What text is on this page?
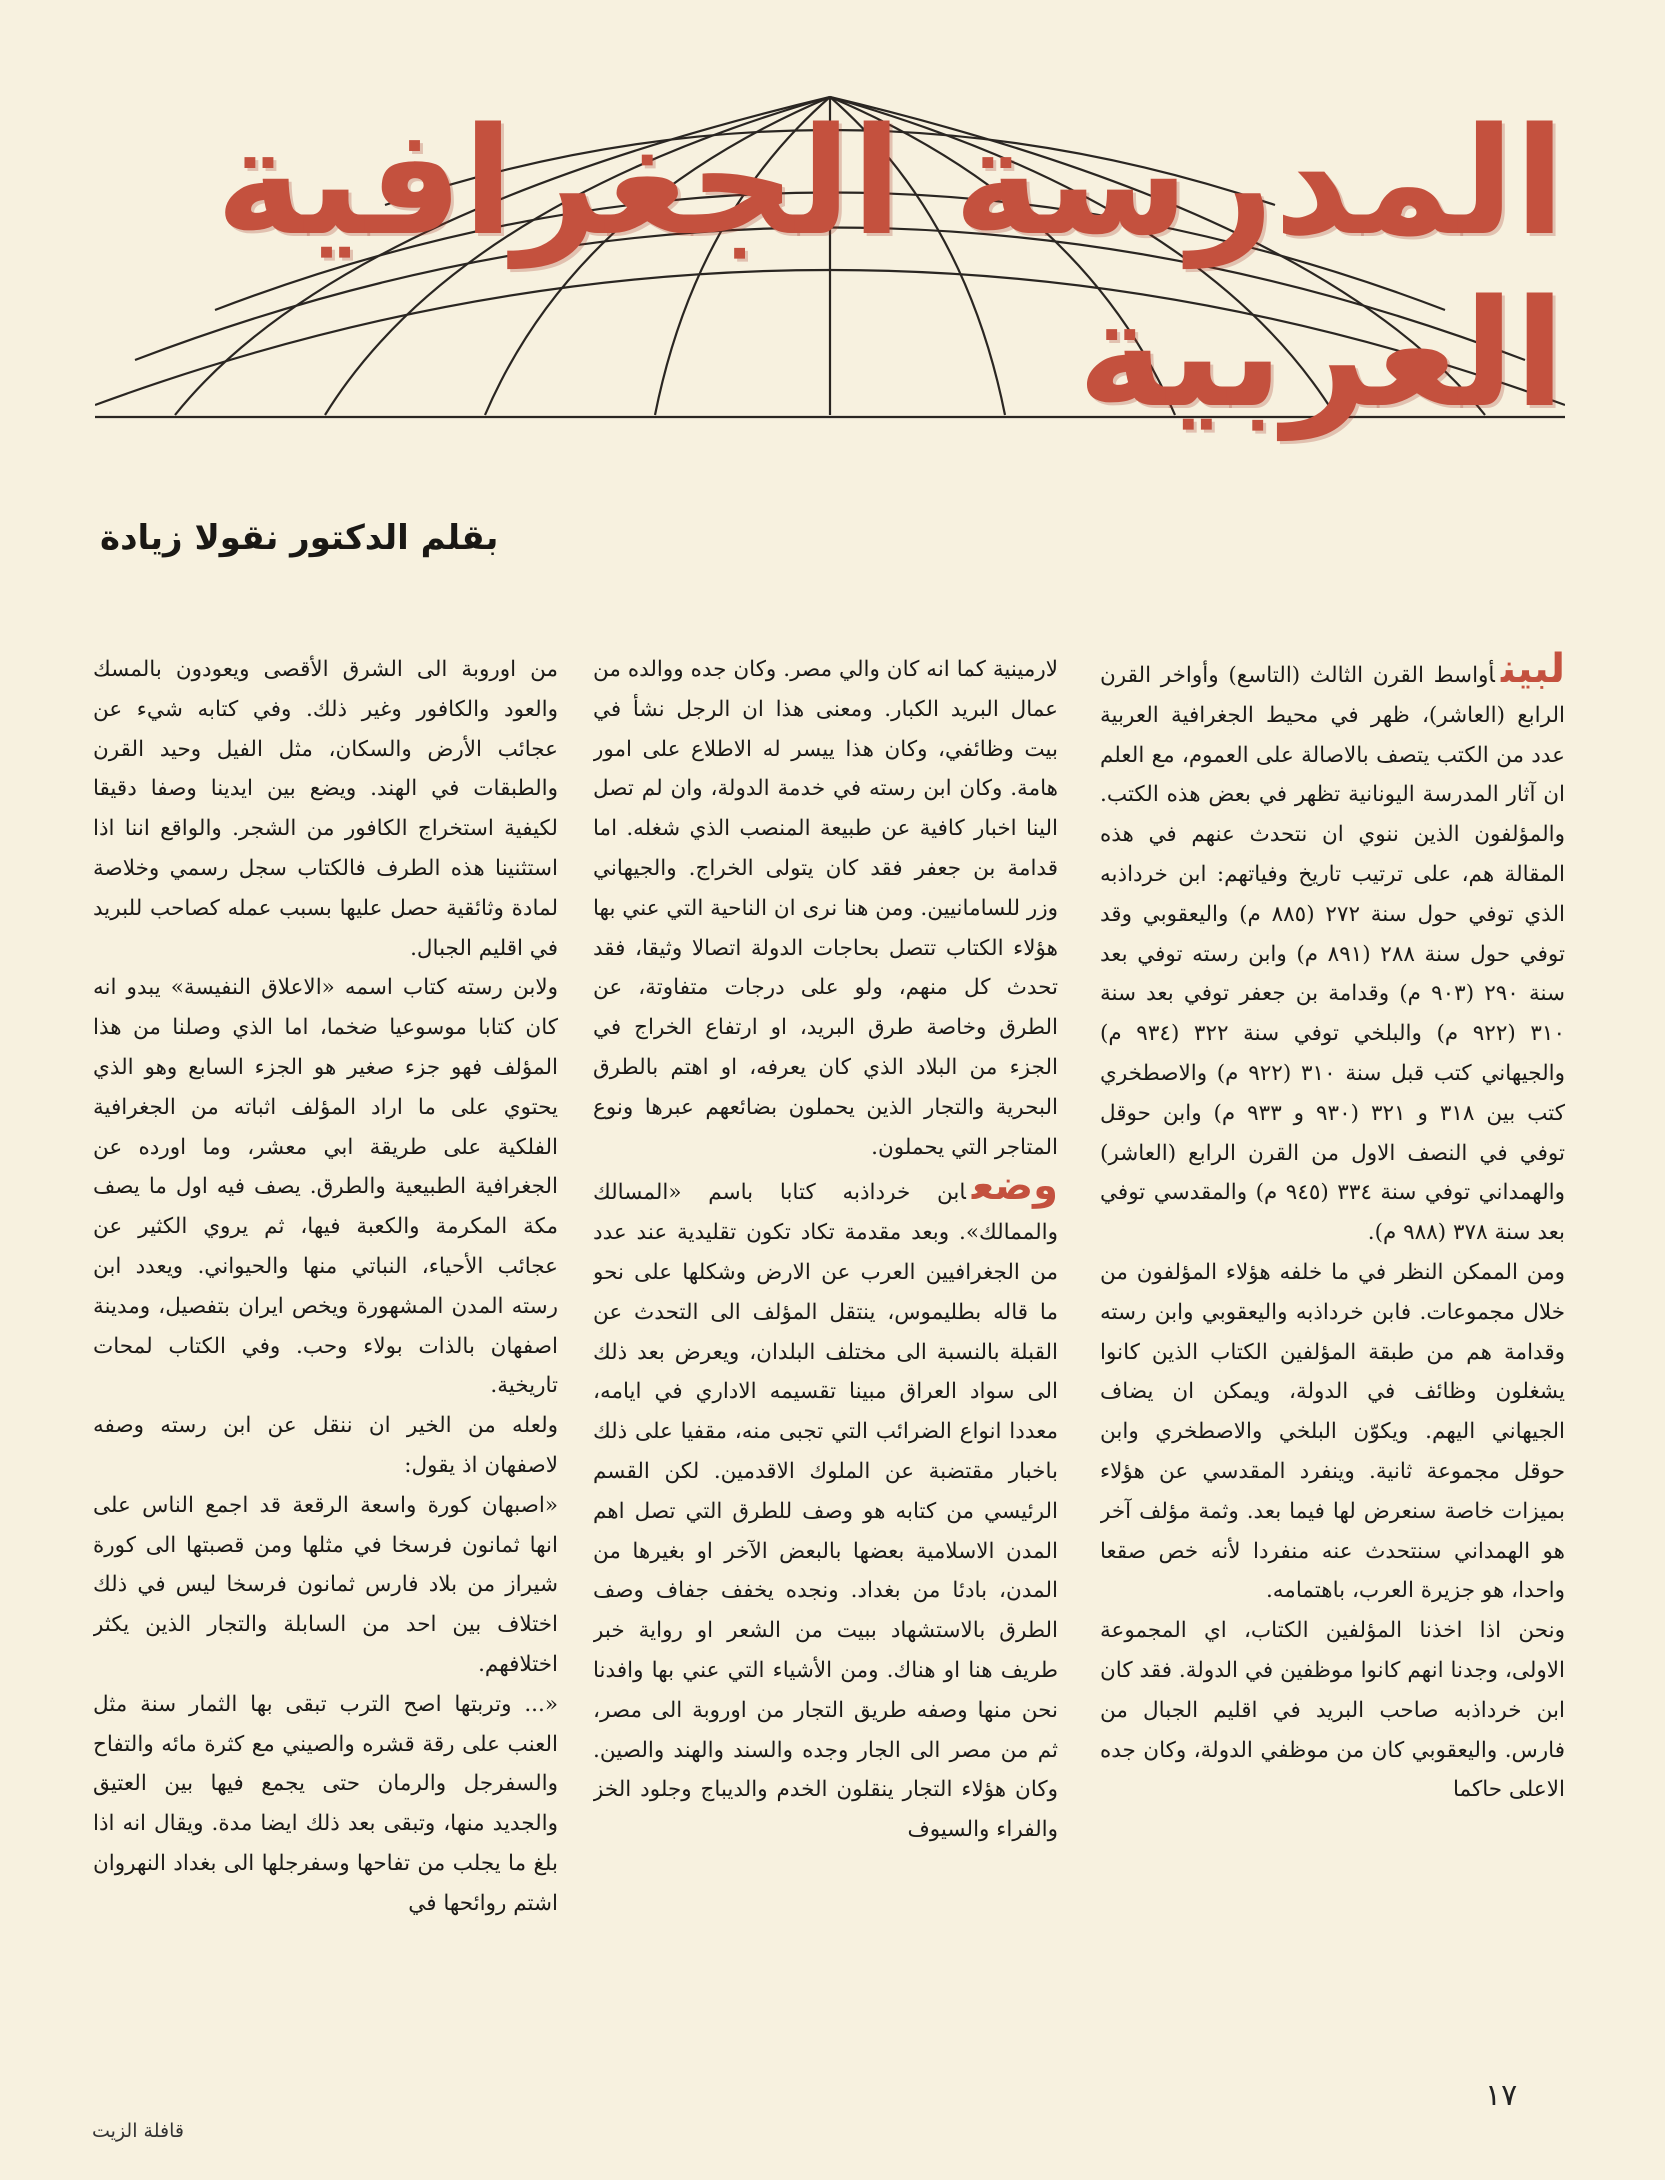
المدرسة الجغرافية العربية
بقلم الدكتور نقولا زيادة

لبينأواسط القرن الثالث (التاسع) وأواخر القرن الرابع (العاشر)، ظهر في محيط الجغرافية العربية عدد من الكتب يتصف بالاصالة على العموم، مع العلم ان آثار المدرسة اليونانية تظهر في بعض هذه الكتب. والمؤلفون الذين ننوي ان نتحدث عنهم في هذه المقالة هم، على ترتيب تاريخ وفياتهم: ابن خرداذبه الذي توفي حول سنة ٢٧٢ (٨٨٥ م) واليعقوبي وقد توفي حول سنة ٢٨٨ (٨٩١ م) وابن رسته توفي بعد سنة ٢٩٠ (٩٠٣ م) وقدامة بن جعفر توفي بعد سنة ٣١٠ (٩٢٢ م) والبلخي توفي سنة ٣٢٢ (٩٣٤ م) والجيهاني كتب قبل سنة ٣١٠ (٩٢٢ م) والاصطخري كتب بين ٣١٨ و ٣٢١ (٩٣٠ و ٩٣٣ م) وابن حوقل توفي في النصف الاول من القرن الرابع (العاشر) والهمداني توفي سنة ٣٣٤ (٩٤٥ م) والمقدسي توفي بعد سنة ٣٧٨ (٩٨٨ م).

ومن الممكن النظر في ما خلفه هؤلاء المؤلفون من خلال مجموعات. فابن خرداذبه واليعقوبي وابن رسته وقدامة هم من طبقة المؤلفين الكتاب الذين كانوا يشغلون وظائف في الدولة، ويمكن ان يضاف الجيهاني اليهم. ويكوّن البلخي والاصطخري وابن حوقل مجموعة ثانية. وينفرد المقدسي عن هؤلاء بميزات خاصة سنعرض لها فيما بعد. وثمة مؤلف آخر هو الهمداني سنتحدث عنه منفردا لأنه خص صقعا واحدا، هو جزيرة العرب، باهتمامه.

ونحن اذا اخذنا المؤلفين الكتاب، اي المجموعة الاولى، وجدنا انهم كانوا موظفين في الدولة. فقد كان ابن خرداذبه صاحب البريد في اقليم الجبال من فارس. واليعقوبي كان من موظفي الدولة، وكان جده الاعلى حاكما

لارمينية كما انه كان والي مصر. وكان جده ووالده من عمال البريد الكبار. ومعنى هذا ان الرجل نشأ في بيت وظائفي، وكان هذا ييسر له الاطلاع على امور هامة. وكان ابن رسته في خدمة الدولة، وان لم تصل الينا اخبار كافية عن طبيعة المنصب الذي شغله. اما قدامة بن جعفر فقد كان يتولى الخراج. والجيهاني وزر للسامانيين. ومن هنا نرى ان الناحية التي عني بها هؤلاء الكتاب تتصل بحاجات الدولة اتصالا وثيقا، فقد تحدث كل منهم، ولو على درجات متفاوتة، عن الطرق وخاصة طرق البريد، او ارتفاع الخراج في الجزء من البلاد الذي كان يعرفه، او اهتم بالطرق البحرية والتجار الذين يحملون بضائعهم عبرها ونوع المتاجر التي يحملون.

وضعابن خرداذبه كتابا باسم «المسالك والممالك». وبعد مقدمة تكاد تكون تقليدية عند عدد من الجغرافيين العرب عن الارض وشكلها على نحو ما قاله بطليموس، ينتقل المؤلف الى التحدث عن القبلة بالنسبة الى مختلف البلدان، ويعرض بعد ذلك الى سواد العراق مبينا تقسيمه الاداري في ايامه، معددا انواع الضرائب التي تجبى منه، مقفيا على ذلك باخبار مقتضبة عن الملوك الاقدمين. لكن القسم الرئيسي من كتابه هو وصف للطرق التي تصل اهم المدن الاسلامية بعضها بالبعض الآخر او بغيرها من المدن، بادئا من بغداد. ونجده يخفف جفاف وصف الطرق بالاستشهاد ببيت من الشعر او رواية خبر طريف هنا او هناك. ومن الأشياء التي عني بها وافدنا نحن منها وصفه طريق التجار من اوروبة الى مصر، ثم من مصر الى الجار وجده والسند والهند والصين. وكان هؤلاء التجار ينقلون الخدم والديباج وجلود الخز والفراء والسيوف

من اوروبة الى الشرق الأقصى ويعودون بالمسك والعود والكافور وغير ذلك. وفي كتابه شيء عن عجائب الأرض والسكان، مثل الفيل وحيد القرن والطبقات في الهند. ويضع بين ايدينا وصفا دقيقا لكيفية استخراج الكافور من الشجر. والواقع اننا اذا استثنينا هذه الطرف فالكتاب سجل رسمي وخلاصة لمادة وثائقية حصل عليها بسبب عمله كصاحب للبريد في اقليم الجبال.

ولابن رسته كتاب اسمه «الاعلاق النفيسة» يبدو انه كان كتابا موسوعيا ضخما، اما الذي وصلنا من هذا المؤلف فهو جزء صغير هو الجزء السابع وهو الذي يحتوي على ما اراد المؤلف اثباته من الجغرافية الفلكية على طريقة ابي معشر، وما اورده عن الجغرافية الطبيعية والطرق. يصف فيه اول ما يصف مكة المكرمة والكعبة فيها، ثم يروي الكثير عن عجائب الأحياء، النباتي منها والحيواني. ويعدد ابن رسته المدن المشهورة ويخص ايران بتفصيل، ومدينة اصفهان بالذات بولاء وحب. وفي الكتاب لمحات تاريخية.

ولعله من الخير ان ننقل عن ابن رسته وصفه لاصفهان اذ يقول:

«اصبهان كورة واسعة الرقعة قد اجمع الناس على انها ثمانون فرسخا في مثلها ومن قصبتها الى كورة شيراز من بلاد فارس ثمانون فرسخا ليس في ذلك اختلاف بين احد من السابلة والتجار الذين يكثر اختلافهم.

«... وتربتها اصح الترب تبقى بها الثمار سنة مثل العنب على رقة قشره والصيني مع كثرة مائه والتفاح والسفرجل والرمان حتى يجمع فيها بين العتيق والجديد منها، وتبقى بعد ذلك ايضا مدة. ويقال انه اذا بلغ ما يجلب من تفاحها وسفرجلها الى بغداد النهروان اشتم روائحها في

١٧
قافلة الزيت
